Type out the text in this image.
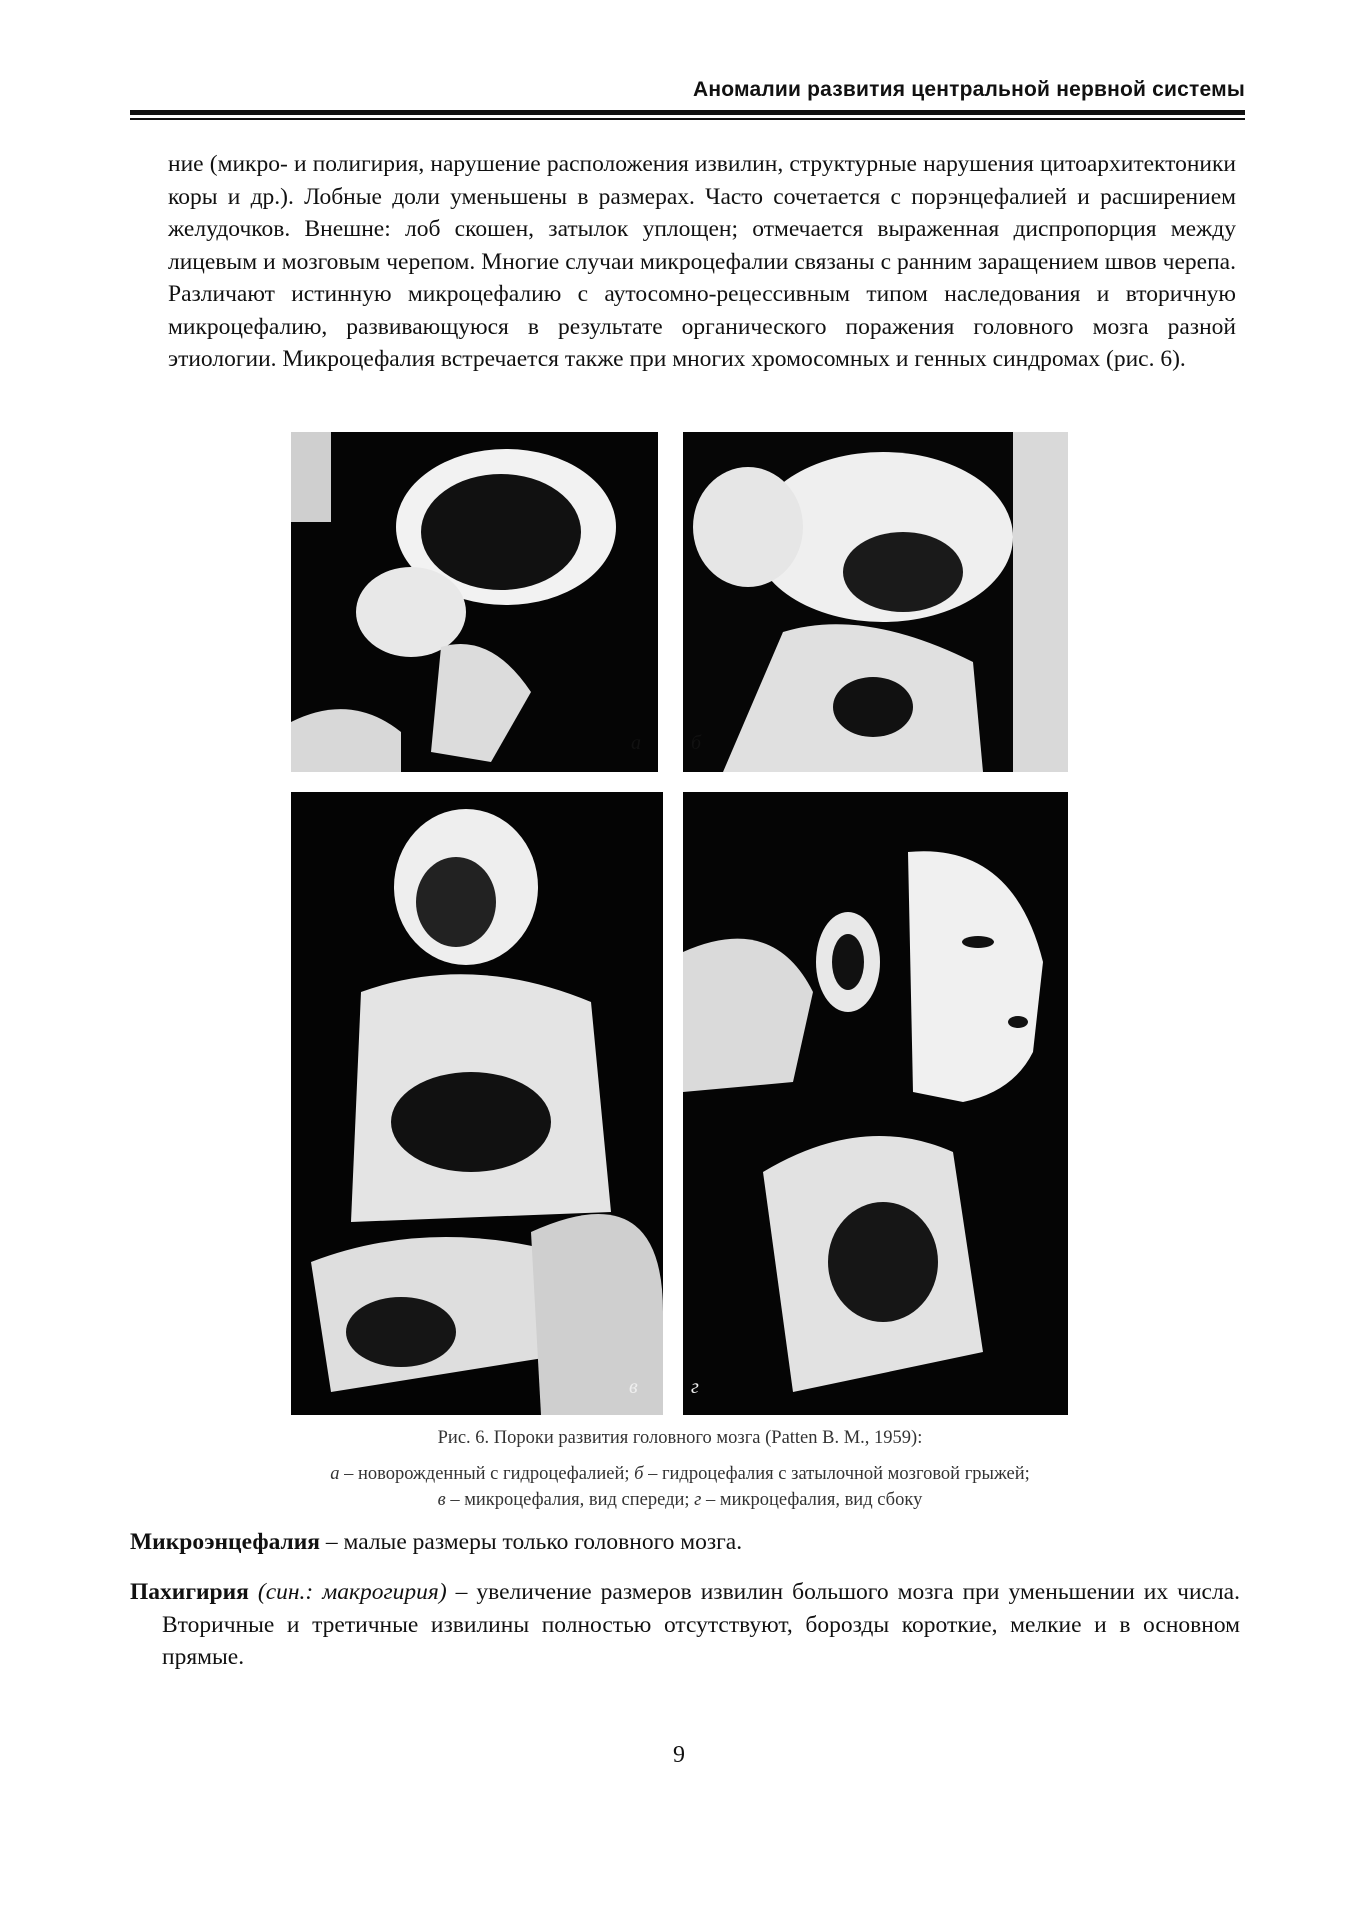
Аномалии развития центральной нервной системы
ние (микро- и полигирия, нарушение расположения извилин, структурные нарушения цитоархитектоники коры и др.). Лобные доли уменьшены в размерах. Часто сочетается с порэнцефалией и расширением желудочков. Внешне: лоб скошен, затылок уплощен; отмечается выраженная диспропорция между лицевым и мозговым черепом. Многие случаи микроцефалии связаны с ранним заращением швов черепа. Различают истинную микроцефалию с аутосомно-рецессивным типом наследования и вторичную микроцефалию, развивающуюся в результате органического поражения головного мозга разной этиологии. Микроцефалия встречается также при многих хромосомных и генных синдромах (рис. 6).
а	б
в	г
Рис. 6. Пороки развития головного мозга (Patten B. M., 1959):
а – новорожденный с гидроцефалией; б – гидроцефалия с затылочной мозговой грыжей;
в – микроцефалия, вид спереди; г – микроцефалия, вид сбоку
Микроэнцефалия – малые размеры только головного мозга.
Пахигирия (син.: макрогирия) – увеличение размеров извилин большого мозга при уменьшении их числа. Вторичные и третичные извилины полностью отсутствуют, борозды короткие, мелкие и в основном прямые.
9
